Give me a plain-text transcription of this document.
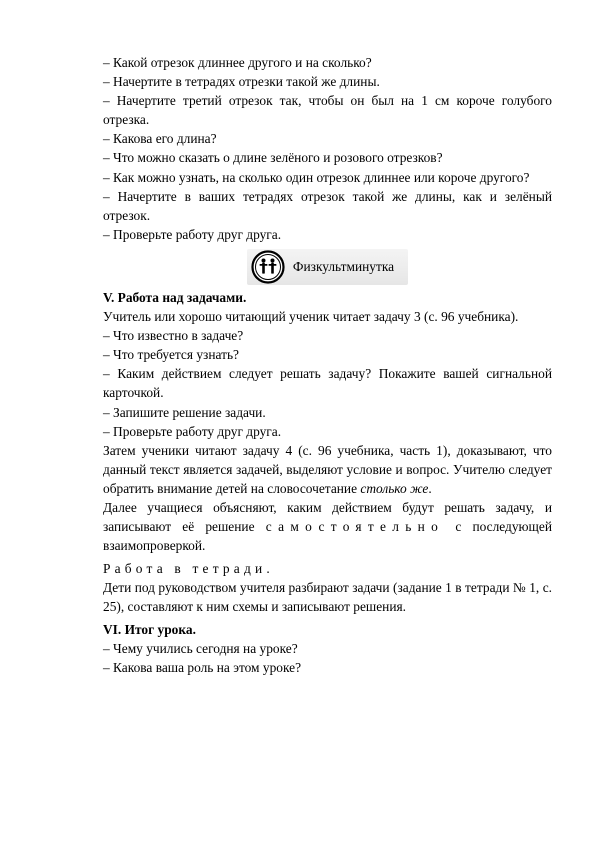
– Какой отрезок длиннее другого и на сколько?

– Начертите в тетрадях отрезки такой же длины.

– Начертите третий отрезок так, чтобы он был на 1 см короче голубого отрезка.

– Какова его длина?

– Что можно сказать о длине зелёного и розового отрезков?

– Как можно узнать, на сколько один отрезок длиннее или короче другого?

– Начертите в ваших тетрадях отрезок такой же длины, как и зелёный отрезок.

– Проверьте работу друг друга.

Физкультминутка

V. Работа над задачами.

Учитель или хорошо читающий ученик читает задачу 3 (с. 96 учебника).

– Что известно в задаче?

– Что требуется узнать?

– Каким действием следует решать задачу? Покажите вашей сигнальной карточкой.

– Запишите решение задачи.

– Проверьте работу друг друга.

Затем ученики читают задачу 4 (с. 96 учебника, часть 1), доказывают, что данный текст является задачей, выделяют условие и вопрос. Учителю следует обратить внимание детей на словосочетание столько же.

Далее учащиеся объясняют, каким действием будут решать задачу, и записывают её решение самостоятельно с последующей взаимопроверкой.

Работа в тетради.

Дети под руководством учителя разбирают задачи (задание 1 в тетради № 1, с. 25), составляют к ним схемы и записывают решения.

VI. Итог урока.

– Чему учились сегодня на уроке?

– Какова ваша роль на этом уроке?
